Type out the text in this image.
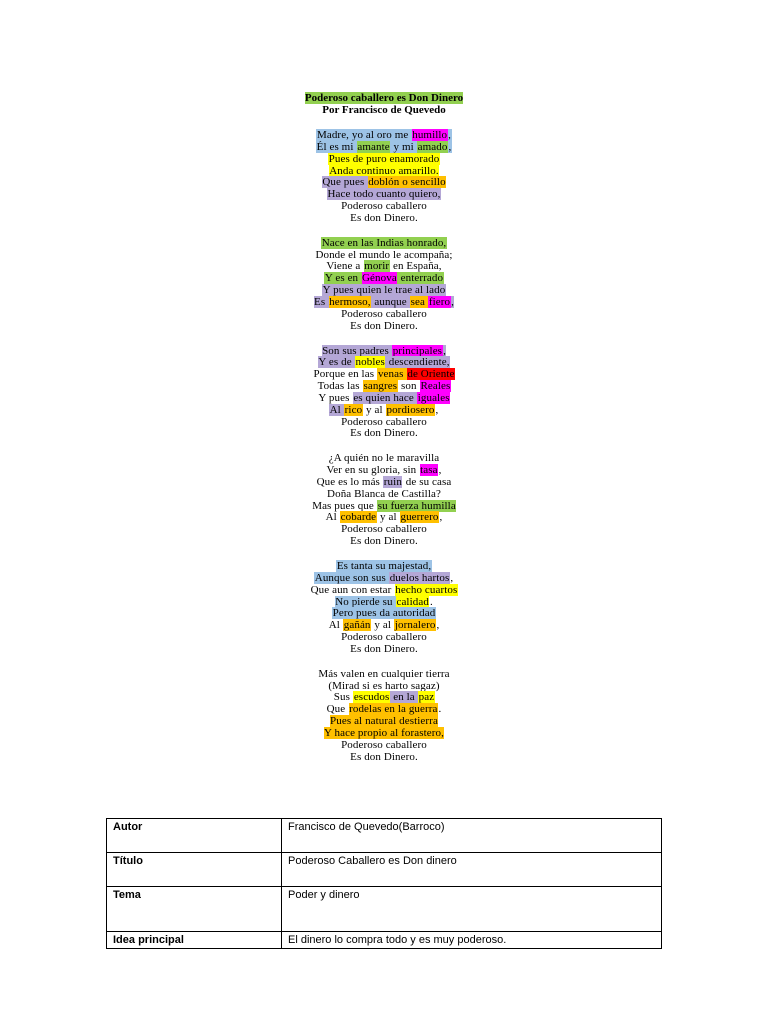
Poderoso caballero es Don Dinero
Por Francisco de Quevedo
Madre, yo al oro me humillo,
Él es mi amante y mi amado,
Pues de puro enamorado
Anda continuo amarillo.
Que pues doblón o sencillo
Hace todo cuanto quiero,
Poderoso caballero
Es don Dinero.
Nace en las Indias honrado,
Donde el mundo le acompaña;
Viene a morir en España,
Y es en Génova enterrado
Y pues quien le trae al lado
Es hermoso, aunque sea fiero,
Poderoso caballero
Es don Dinero.
Son sus padres principales,
Y es de nobles descendiente,
Porque en las venas de Oriente
Todas las sangres son Reales
Y pues es quien hace iguales
Al rico y al pordiosero,
Poderoso caballero
Es don Dinero.
¿A quién no le maravilla
Ver en su gloria, sin tasa,
Que es lo más ruin de su casa
Doña Blanca de Castilla?
Mas pues que su fuerza humilla
Al cobarde y al guerrero,
Poderoso caballero
Es don Dinero.
Es tanta su majestad,
Aunque son sus duelos hartos,
Que aun con estar hecho cuartos
No pierde su calidad.
Pero pues da autoridad
Al gañán y al jornalero,
Poderoso caballero
Es don Dinero.
Más valen en cualquier tierra
(Mirad si es harto sagaz)
Sus escudos en la paz
Que rodelas en la guerra.
Pues al natural destierra
Y hace propio al forastero,
Poderoso caballero
Es don Dinero.
Autor	Francisco de Quevedo(Barroco)
Título	Poderoso Caballero es Don dinero
Tema	Poder y dinero
Idea principal	El dinero lo compra todo y es muy poderoso.
